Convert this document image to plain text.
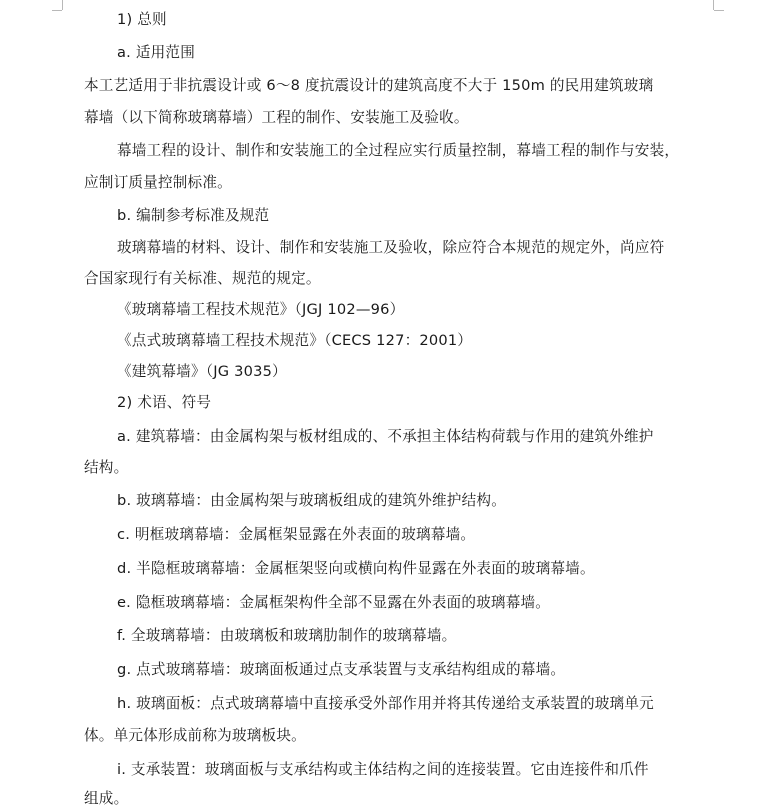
1) 总则
a. 适用范围
本工艺适用于非抗震设计或 6～8 度抗震设计的建筑高度不大于 150m 的民用建筑玻璃
幕墙（以下简称玻璃幕墙）工程的制作、安装施工及验收。
幕墙工程的设计、制作和安装施工的全过程应实行质量控制，幕墙工程的制作与安装，
应制订质量控制标准。
b. 编制参考标准及规范
玻璃幕墙的材料、设计、制作和安装施工及验收，除应符合本规范的规定外，尚应符
合国家现行有关标准、规范的规定。
《玻璃幕墙工程技术规范》（JGJ 102—96）
《点式玻璃幕墙工程技术规范》（CECS 127：2001）
《建筑幕墙》（JG 3035）
2) 术语、符号
a. 建筑幕墙：由金属构架与板材组成的、不承担主体结构荷载与作用的建筑外维护
结构。
b. 玻璃幕墙：由金属构架与玻璃板组成的建筑外维护结构。
c. 明框玻璃幕墙：金属框架显露在外表面的玻璃幕墙。
d. 半隐框玻璃幕墙：金属框架竖向或横向构件显露在外表面的玻璃幕墙。
e. 隐框玻璃幕墙：金属框架构件全部不显露在外表面的玻璃幕墙。
f. 全玻璃幕墙：由玻璃板和玻璃肋制作的玻璃幕墙。
g. 点式玻璃幕墙：玻璃面板通过点支承装置与支承结构组成的幕墙。
h. 玻璃面板：点式玻璃幕墙中直接承受外部作用并将其传递给支承装置的玻璃单元
体。单元体形成前称为玻璃板块。
i. 支承装置：玻璃面板与支承结构或主体结构之间的连接装置。它由连接件和爪件
组成。
